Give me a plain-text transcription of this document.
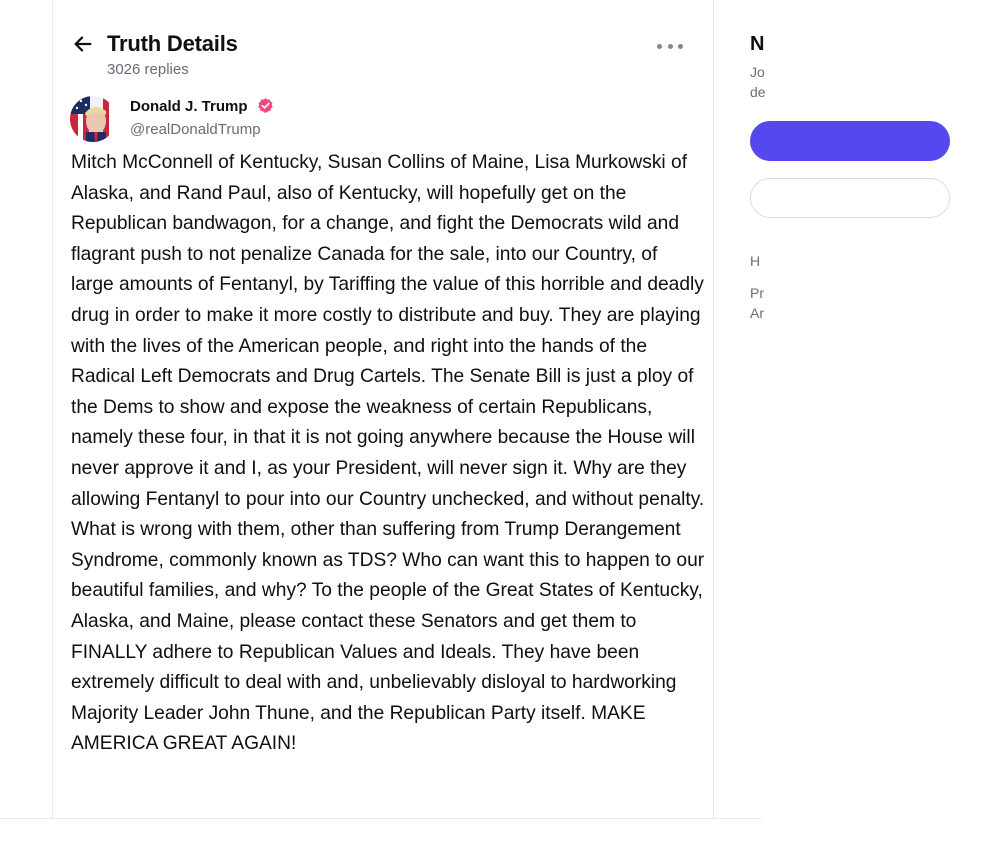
Truth Details
3026 replies
Donald J. Trump
@realDonaldTrump
Mitch McConnell of Kentucky, Susan Collins of Maine, Lisa Murkowski of Alaska, and Rand Paul, also of Kentucky, will hopefully get on the Republican bandwagon, for a change, and fight the Democrats wild and flagrant push to not penalize Canada for the sale, into our Country, of large amounts of Fentanyl, by Tariffing the value of this horrible and deadly drug in order to make it more costly to distribute and buy. They are playing with the lives of the American people, and right into the hands of the Radical Left Democrats and Drug Cartels. The Senate Bill is just a ploy of the Dems to show and expose the weakness of certain Republicans, namely these four, in that it is not going anywhere because the House will never approve it and I, as your President, will never sign it. Why are they allowing Fentanyl to pour into our Country unchecked, and without penalty. What is wrong with them, other than suffering from Trump Derangement Syndrome, commonly known as TDS? Who can want this to happen to our beautiful families, and why? To the people of the Great States of Kentucky, Alaska, and Maine, please contact these Senators and get them to FINALLY adhere to Republican Values and Ideals. They have been extremely difficult to deal with and, unbelievably disloyal to hardworking Majority Leader John Thune, and the Republican Party itself. MAKE AMERICA GREAT AGAIN!
N
Jo
de
H
Pr
Ar
